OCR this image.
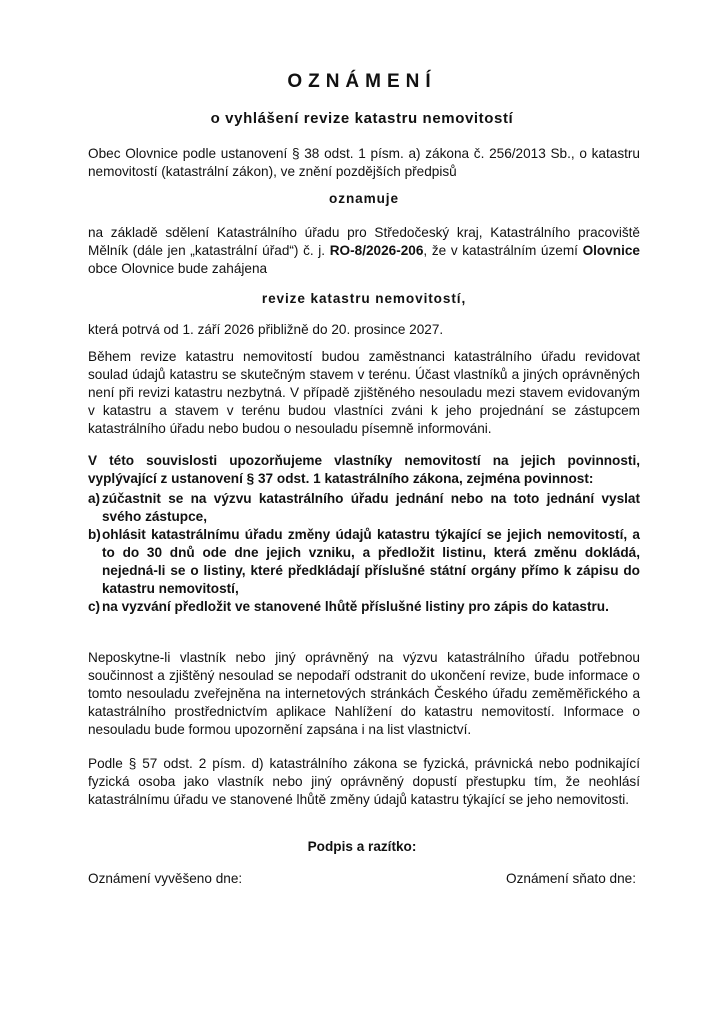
OZNÁMENÍ
o vyhlášení revize katastru nemovitostí
Obec Olovnice podle ustanovení § 38 odst. 1 písm. a) zákona č. 256/2013 Sb., o katastru nemovitostí (katastrální zákon), ve znění pozdějších předpisů
oznamuje
na základě sdělení Katastrálního úřadu pro Středočeský kraj, Katastrálního pracoviště Mělník (dále jen „katastrální úřad“) č. j. RO-8/2026-206, že v katastrálním území Olovnice obce Olovnice bude zahájena
revize katastru nemovitostí,
která potrvá od 1. září 2026 přibližně do 20. prosince 2027.
Během revize katastru nemovitostí budou zaměstnanci katastrálního úřadu revidovat soulad údajů katastru se skutečným stavem v terénu. Účast vlastníků a jiných oprávněných není při revizi katastru nezbytná. V případě zjištěného nesouladu mezi stavem evidovaným v katastru a stavem v terénu budou vlastníci zváni k jeho projednání se zástupcem katastrálního úřadu nebo budou o nesouladu písemně informováni.
V této souvislosti upozorňujeme vlastníky nemovitostí na jejich povinnosti, vyplývající z ustanovení § 37 odst. 1 katastrálního zákona, zejména povinnost:
a) zúčastnit se na výzvu katastrálního úřadu jednání nebo na toto jednání vyslat svého zástupce,
b) ohlásit katastrálnímu úřadu změny údajů katastru týkající se jejich nemovitostí, a to do 30 dnů ode dne jejich vzniku, a předložit listinu, která změnu dokládá, nejedná-li se o listiny, které předkládají příslušné státní orgány přímo k zápisu do katastru nemovitostí,
c) na vyzvání předložit ve stanovené lhůtě příslušné listiny pro zápis do katastru.
Neposkytne-li vlastník nebo jiný oprávněný na výzvu katastrálního úřadu potřebnou součinnost a zjištěný nesoulad se nepodaří odstranit do ukončení revize, bude informace o tomto nesouladu zveřejněna na internetových stránkách Českého úřadu zeměměřického a katastrálního prostřednictvím aplikace Nahlížení do katastru nemovitostí. Informace o nesouladu bude formou upozornění zapsána i na list vlastnictví.
Podle § 57 odst. 2 písm. d) katastrálního zákona se fyzická, právnická nebo podnikající fyzická osoba jako vlastník nebo jiný oprávněný dopustí přestupku tím, že neohlásí katastrálnímu úřadu ve stanovené lhůtě změny údajů katastru týkající se jeho nemovitosti.
Podpis a razítko:
Oznámení vyvěšeno dne:	Oznámení sňato dne:
